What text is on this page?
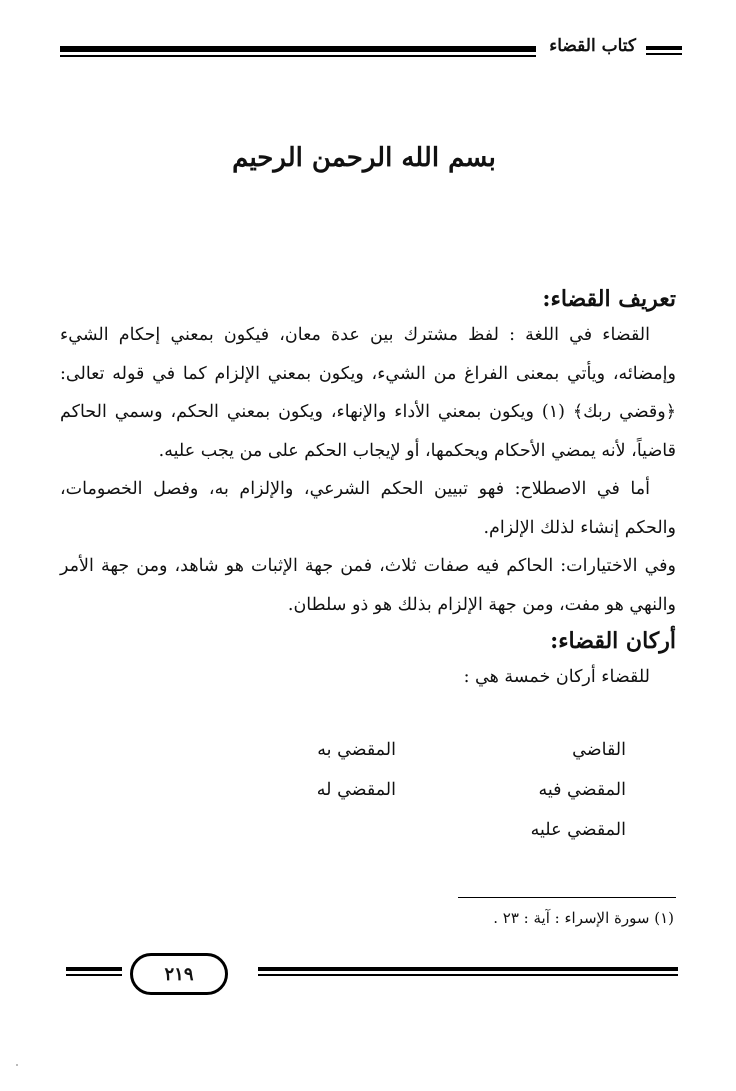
كتاب القضاء
بسم الله الرحمن الرحيم
تعريف القضاء:

القضاء في اللغة : لفظ مشترك بين عدة معان، فيكون بمعني إحكام الشيء وإمضائه، ويأتي بمعنى الفراغ من الشيء، ويكون بمعني الإلزام كما في قوله تعالى: ﴿وقضي ربك﴾ (١) ويكون بمعني الأداء والإنهاء، ويكون بمعني الحكم، وسمي الحاكم قاضياً، لأنه يمضي الأحكام ويحكمها، أو لإيجاب الحكم على من يجب عليه.

أما في الاصطلاح: فهو تبيين الحكم الشرعي، والإلزام به، وفصل الخصومات، والحكم إنشاء لذلك الإلزام.

وفي الاختيارات: الحاكم فيه صفات ثلاث، فمن جهة الإثبات هو شاهد، ومن جهة الأمر والنهي هو مفت، ومن جهة الإلزام بذلك هو ذو سلطان.

أركان القضاء:

للقضاء أركان خمسة هي :

القاضي
المقضي فيه
المقضي عليه
المقضي به
المقضي له
(١) سورة الإسراء : آية : ٢٣ .
٢١٩
